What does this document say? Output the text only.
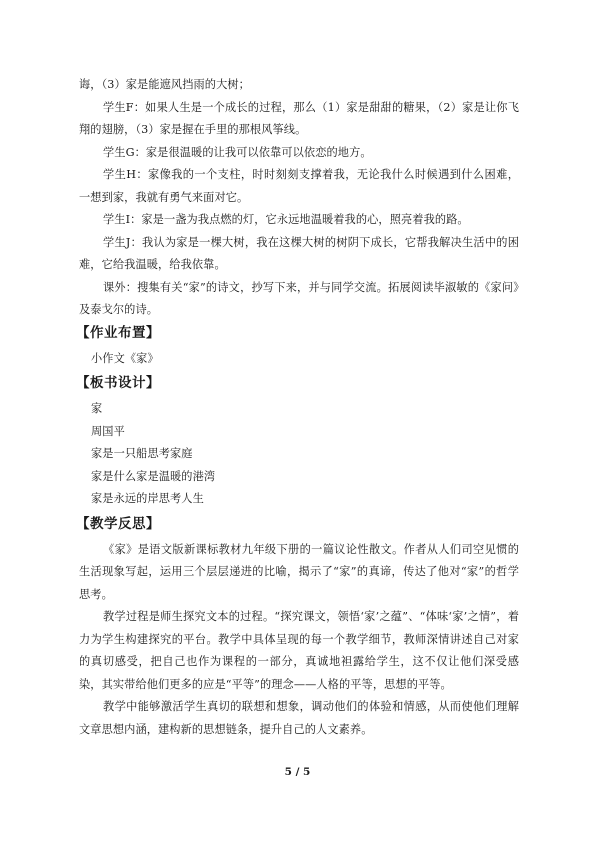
诲，（3）家是能遮风挡雨的大树；

学生F：如果人生是一个成长的过程，那么（1）家是甜甜的糖果，（2）家是让你飞翔的翅膀，（3）家是握在手里的那根风筝线。

学生G：家是很温暖的让我可以依靠可以依恋的地方。

学生H：家像我的一个支柱，时时刻刻支撑着我，无论我什么时候遇到什么困难，一想到家，我就有勇气来面对它。

学生I：家是一盏为我点燃的灯，它永远地温暖着我的心，照亮着我的路。

学生J：我认为家是一棵大树，我在这棵大树的树阴下成长，它帮我解决生活中的困难，它给我温暖，给我依靠。

课外：搜集有关“家”的诗文，抄写下来，并与同学交流。拓展阅读毕淑敏的《家问》及泰戈尔的诗。

【作业布置】

小作文《家》

【板书设计】

家

周国平

家是一只船思考家庭

家是什么家是温暖的港湾

家是永远的岸思考人生

【教学反思】

《家》是语文版新课标教材九年级下册的一篇议论性散文。作者从人们司空见惯的生活现象写起，运用三个层层递进的比喻，揭示了“家”的真谛，传达了他对“家”的哲学思考。

教学过程是师生探究文本的过程。“探究课文，领悟‘家’之蕴”、“体味‘家’之情”，着力为学生构建探究的平台。教学中具体呈现的每一个教学细节，教师深情讲述自己对家的真切感受，把自己也作为课程的一部分，真诚地袒露给学生，这不仅让他们深受感染，其实带给他们更多的应是“平等”的理念——人格的平等，思想的平等。

教学中能够激活学生真切的联想和想象，调动他们的体验和情感，从而使他们理解文章思想内涵，建构新的思想链条，提升自己的人文素养。

5 / 5
